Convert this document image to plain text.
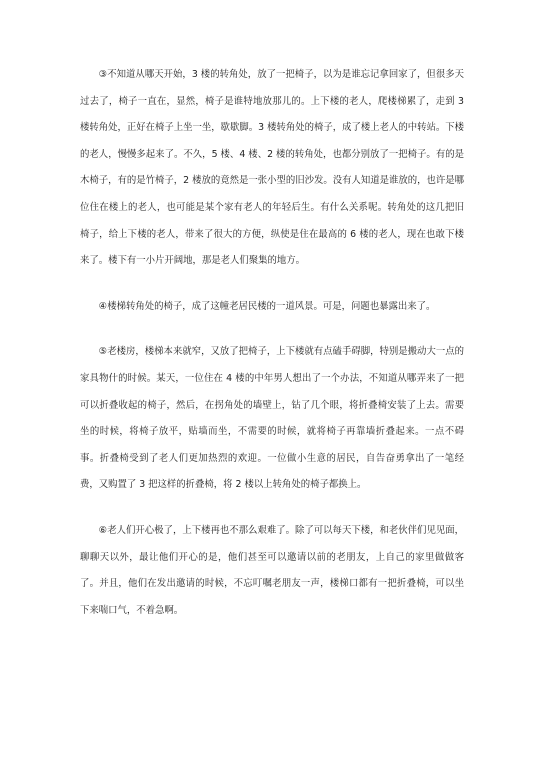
③不知道从哪天开始，3 楼的转角处，放了一把椅子，以为是谁忘记拿回家了，但很多天过去了，椅子一直在，显然，椅子是谁特地放那儿的。上下楼的老人，爬楼梯累了，走到 3 楼转角处，正好在椅子上坐一坐，歇歇脚。3 楼转角处的椅子，成了楼上老人的中转站。下楼的老人，慢慢多起来了。不久，5 楼、4 楼、2 楼的转角处，也都分别放了一把椅子。有的是木椅子，有的是竹椅子，2 楼放的竟然是一张小型的旧沙发。没有人知道是谁放的，也许是哪位住在楼上的老人，也可能是某个家有老人的年轻后生。有什么关系呢。转角处的这几把旧椅子，给上下楼的老人，带来了很大的方便，纵使是住在最高的 6 楼的老人，现在也敢下楼来了。楼下有一小片开阔地，那是老人们聚集的地方。

④楼梯转角处的椅子，成了这幢老居民楼的一道风景。可是，问题也暴露出来了。

⑤老楼房，楼梯本来就窄，又放了把椅子，上下楼就有点磕手碍脚，特别是搬动大一点的家具物什的时候。某天，一位住在 4 楼的中年男人想出了一个办法，不知道从哪弄来了一把可以折叠收起的椅子，然后，在拐角处的墙壁上，钻了几个眼，将折叠椅安装了上去。需要坐的时候，将椅子放平，贴墙而坐，不需要的时候，就将椅子再靠墙折叠起来。一点不碍事。折叠椅受到了老人们更加热烈的欢迎。一位做小生意的居民，自告奋勇拿出了一笔经费，又购置了 3 把这样的折叠椅，将 2 楼以上转角处的椅子都换上。

⑥老人们开心极了，上下楼再也不那么艰难了。除了可以每天下楼，和老伙伴们见见面，聊聊天以外，最让他们开心的是，他们甚至可以邀请以前的老朋友，上自己的家里做做客了。并且，他们在发出邀请的时候，不忘叮嘱老朋友一声，楼梯口都有一把折叠椅，可以坐下来喘口气，不着急啊。
